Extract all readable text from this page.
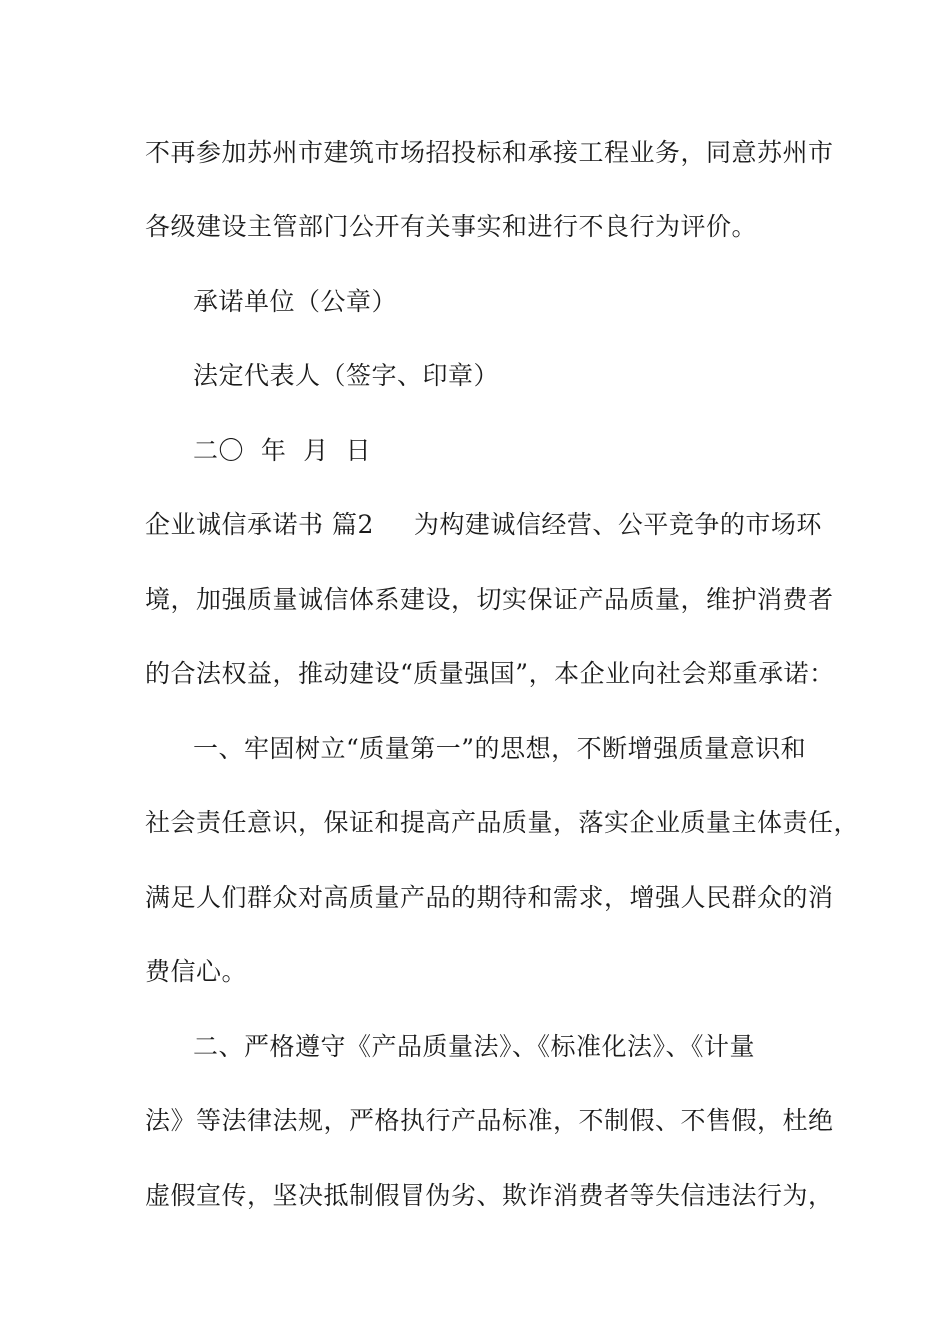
不再参加苏州市建筑市场招投标和承接工程业务，同意苏州市
各级建设主管部门公开有关事实和进行不良行为评价。
承诺单位（公章）
法定代表人（签字、印章）
二〇  年  月  日
企业诚信承诺书 篇2 为构建诚信经营、公平竞争的市场环
境，加强质量诚信体系建设，切实保证产品质量，维护消费者
的合法权益，推动建设“质量强国”，本企业向社会郑重承诺：
一、牢固树立“质量第一”的思想，不断增强质量意识和
社会责任意识，保证和提高产品质量，落实企业质量主体责任，
满足人们群众对高质量产品的期待和需求，增强人民群众的消
费信心。
二、严格遵守《产品质量法》、《标准化法》、《计量
法》等法律法规，严格执行产品标准，不制假、不售假，杜绝
虚假宣传，坚决抵制假冒伪劣、欺诈消费者等失信违法行为，
